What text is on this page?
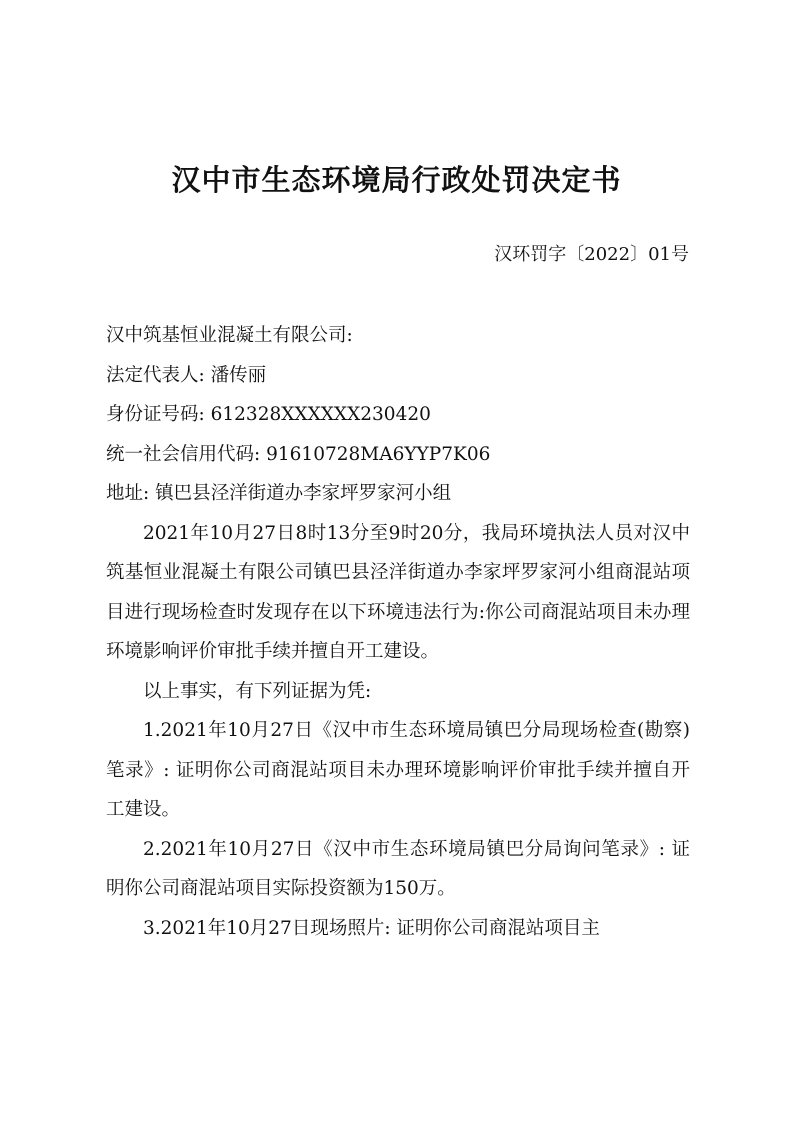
汉中市生态环境局行政处罚决定书
汉环罚字〔2022〕01号

汉中筑基恒业混凝土有限公司:

法定代表人: 潘传丽

身份证号码: 612328XXXXXX230420

统一社会信用代码: 91610728MA6YYP7K06

地址: 镇巴县泾洋街道办李家坪罗家河小组

2021年10月27日8时13分至9时20分，我局环境执法人员对汉中筑基恒业混凝土有限公司镇巴县泾洋街道办李家坪罗家河小组商混站项目进行现场检查时发现存在以下环境违法行为:你公司商混站项目未办理环境影响评价审批手续并擅自开工建设。

以上事实，有下列证据为凭:

1.2021年10月27日《汉中市生态环境局镇巴分局现场检查(勘察)笔录》: 证明你公司商混站项目未办理环境影响评价审批手续并擅自开工建设。

2.2021年10月27日《汉中市生态环境局镇巴分局询问笔录》: 证明你公司商混站项目实际投资额为150万。

3.2021年10月27日现场照片: 证明你公司商混站项目主
